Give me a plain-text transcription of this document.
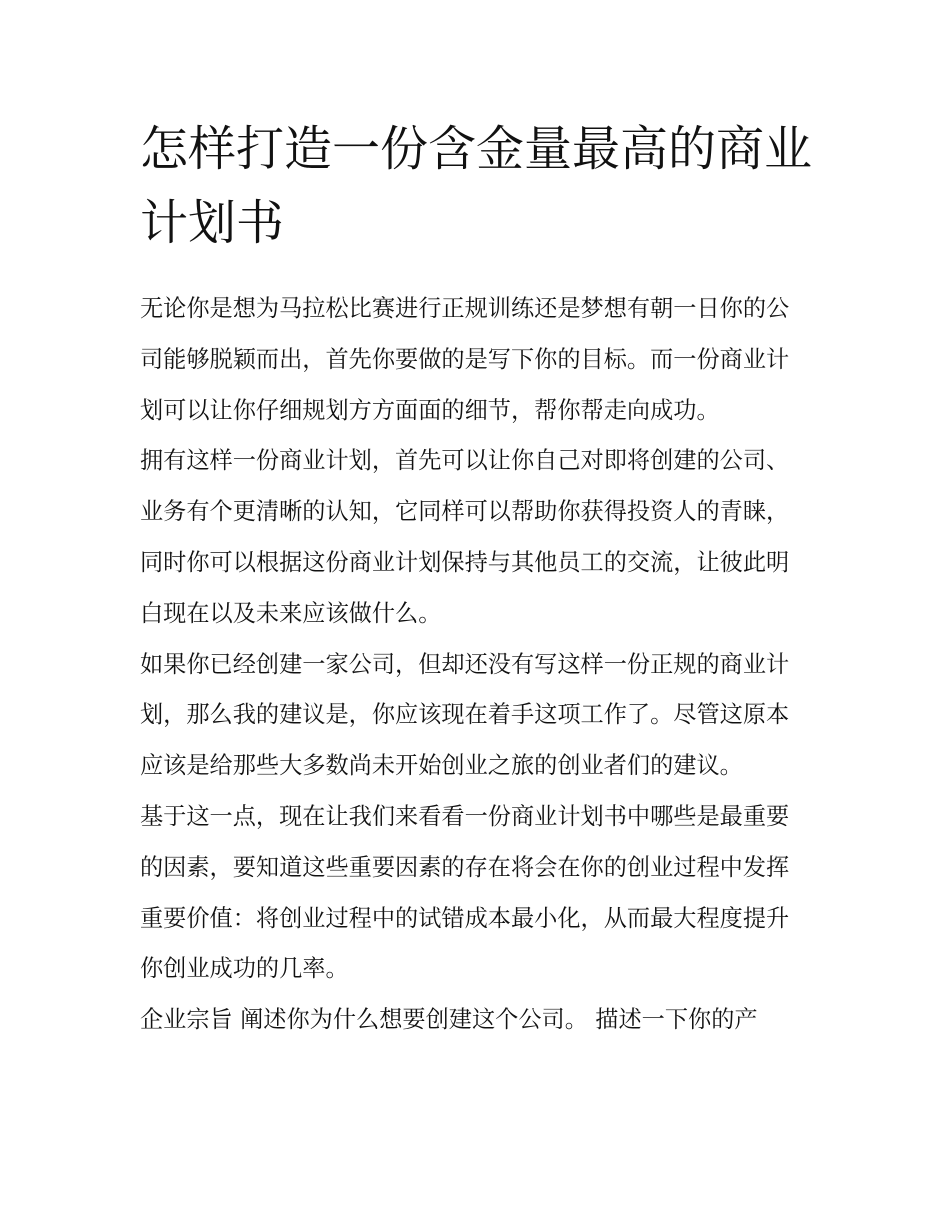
怎样打造一份含金量最高的商业计划书

无论你是想为马拉松比赛进行正规训练还是梦想有朝一日你的公司能够脱颖而出，首先你要做的是写下你的目标。而一份商业计划可以让你仔细规划方方面面的细节，帮你帮走向成功。

拥有这样一份商业计划，首先可以让你自己对即将创建的公司、业务有个更清晰的认知，它同样可以帮助你获得投资人的青睐，同时你可以根据这份商业计划保持与其他员工的交流，让彼此明白现在以及未来应该做什么。

如果你已经创建一家公司，但却还没有写这样一份正规的商业计划，那么我的建议是，你应该现在着手这项工作了。尽管这原本应该是给那些大多数尚未开始创业之旅的创业者们的建议。

基于这一点，现在让我们来看看一份商业计划书中哪些是最重要的因素，要知道这些重要因素的存在将会在你的创业过程中发挥重要价值：将创业过程中的试错成本最小化，从而最大程度提升你创业成功的几率。

企业宗旨 阐述你为什么想要创建这个公司。 描述一下你的产
